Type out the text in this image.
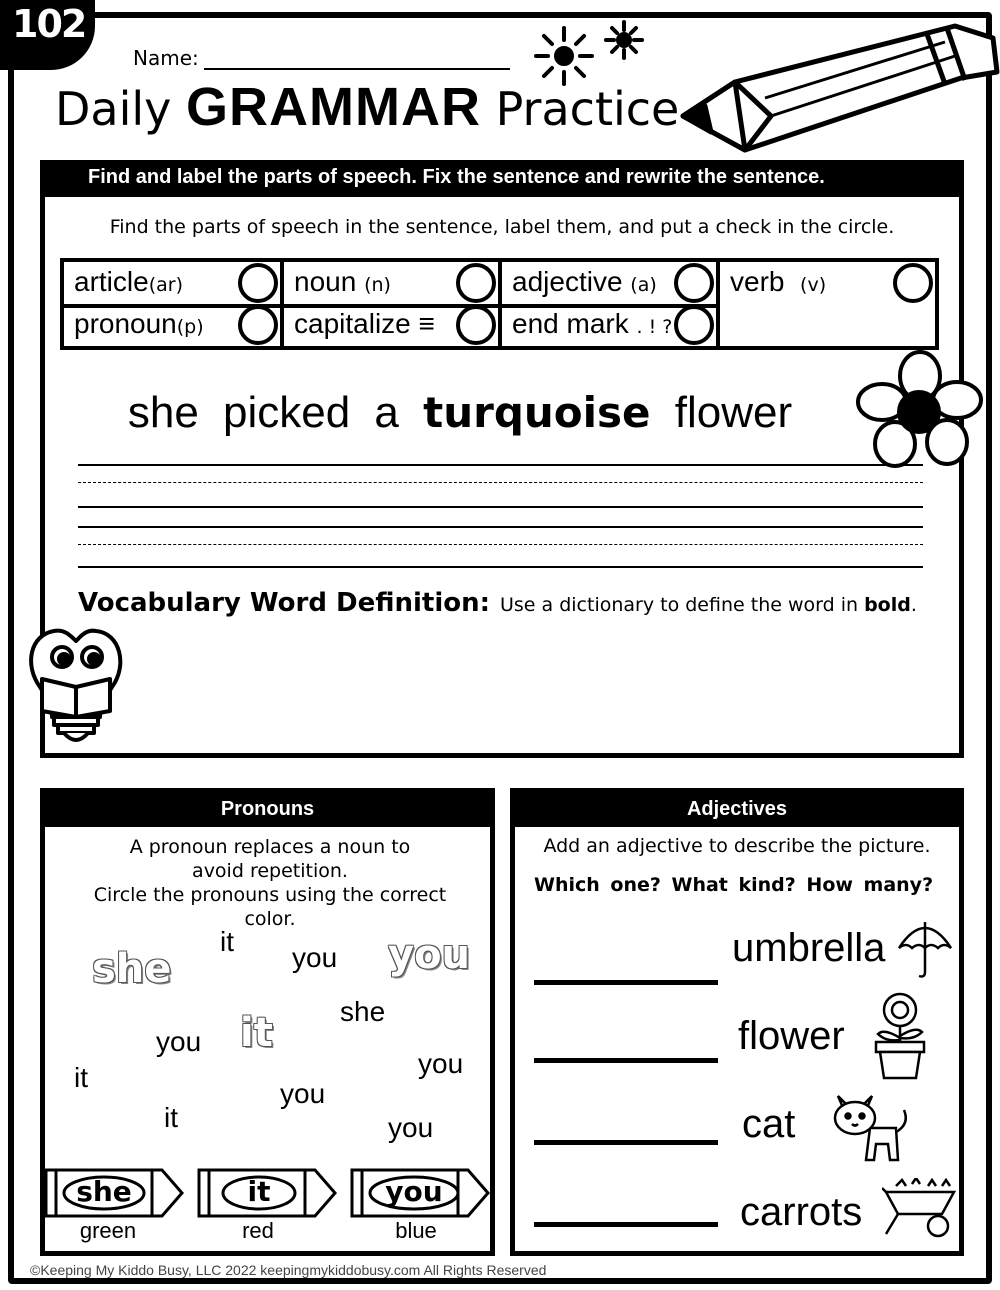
102
Name:
Daily GRAMMAR Practice
Find and label the parts of speech. Fix the sentence and rewrite the sentence.
Find the parts of speech in the sentence, label them, and put a check in the circle.
article(ar)	noun (n)	adjective (a)	verb (v)
pronoun(p)	capitalize ≡	end mark . ! ?
she picked a turquoise flower
Vocabulary Word Definition: Use a dictionary to define the word in bold.
Pronouns
A pronoun replaces a noun to
avoid repetition.
Circle the pronouns using the correct
color.
she
it
you you
she
you it
it	you
you
it	you
she
green
it
red
you
blue
Adjectives
Add an adjective to describe the picture.
Which one? What kind? How many?
umbrella
flower
cat
carrots
©Keeping My Kiddo Busy, LLC 2022 keepingmykiddobusy.com All Rights Reserved
